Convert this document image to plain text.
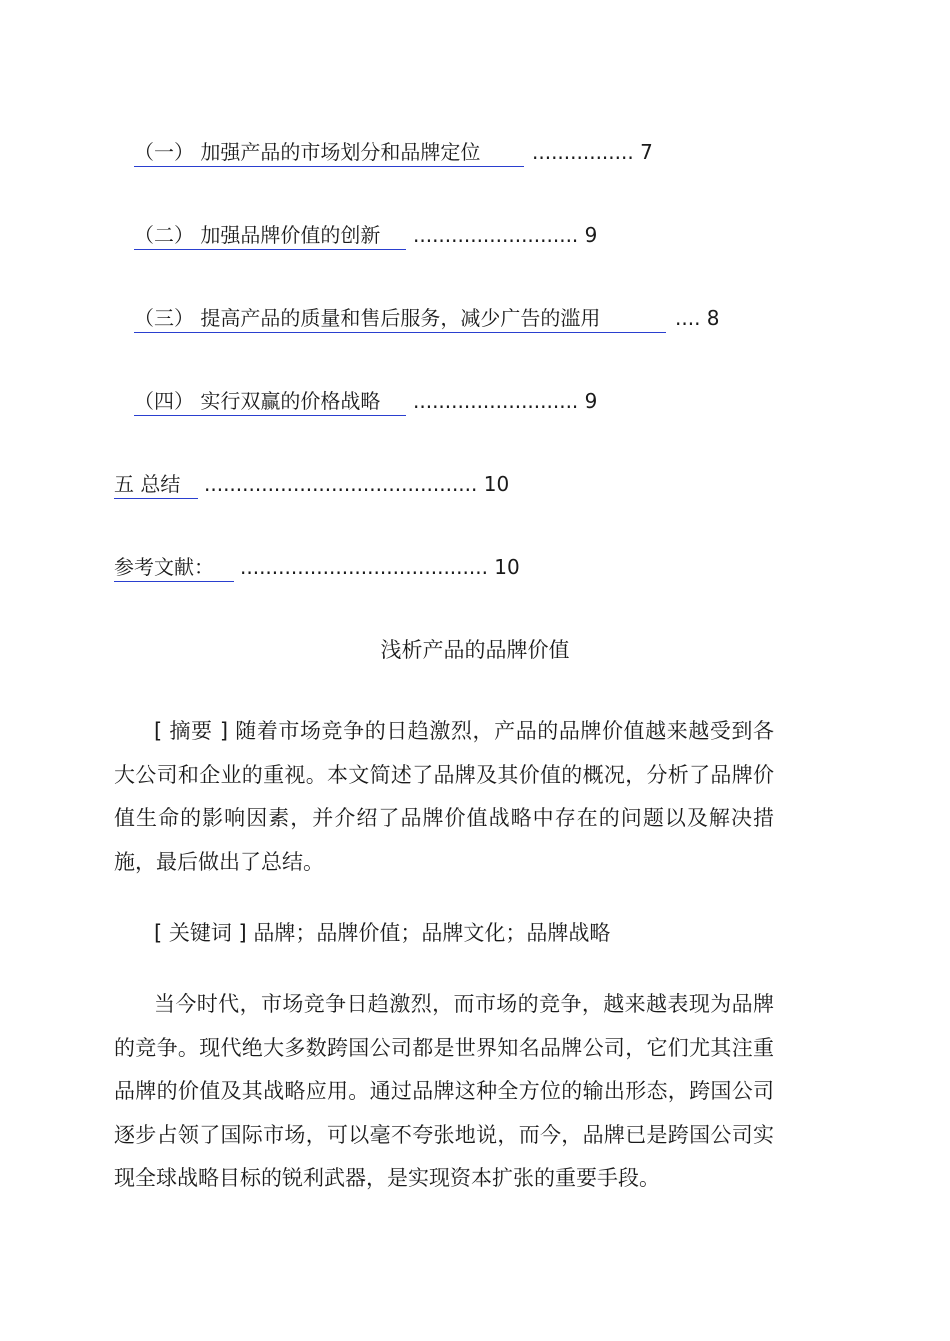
（一） 加强产品的市场划分和品牌定位	................ 7
（二） 加强品牌价值的创新	.......................... 9
（三） 提高产品的质量和售后服务，减少广告的滥用	.... 8
（四） 实行双赢的价格战略	.......................... 9
五 总结	........................................... 10
参考文献：	....................................... 10
浅析产品的品牌价值

[ 摘要 ] 随着市场竞争的日趋激烈，产品的品牌价值越来越受到各大公司和企业的重视。本文简述了品牌及其价值的概况，分析了品牌价值生命的影响因素，并介绍了品牌价值战略中存在的问题以及解决措施，最后做出了总结。

[ 关键词 ] 品牌；品牌价值；品牌文化；品牌战略

当今时代，市场竞争日趋激烈，而市场的竞争，越来越表现为品牌的竞争。现代绝大多数跨国公司都是世界知名品牌公司，它们尤其注重品牌的价值及其战略应用。通过品牌这种全方位的输出形态，跨国公司逐步占领了国际市场，可以毫不夸张地说，而今，品牌已是跨国公司实现全球战略目标的锐利武器，是实现资本扩张的重要手段。
